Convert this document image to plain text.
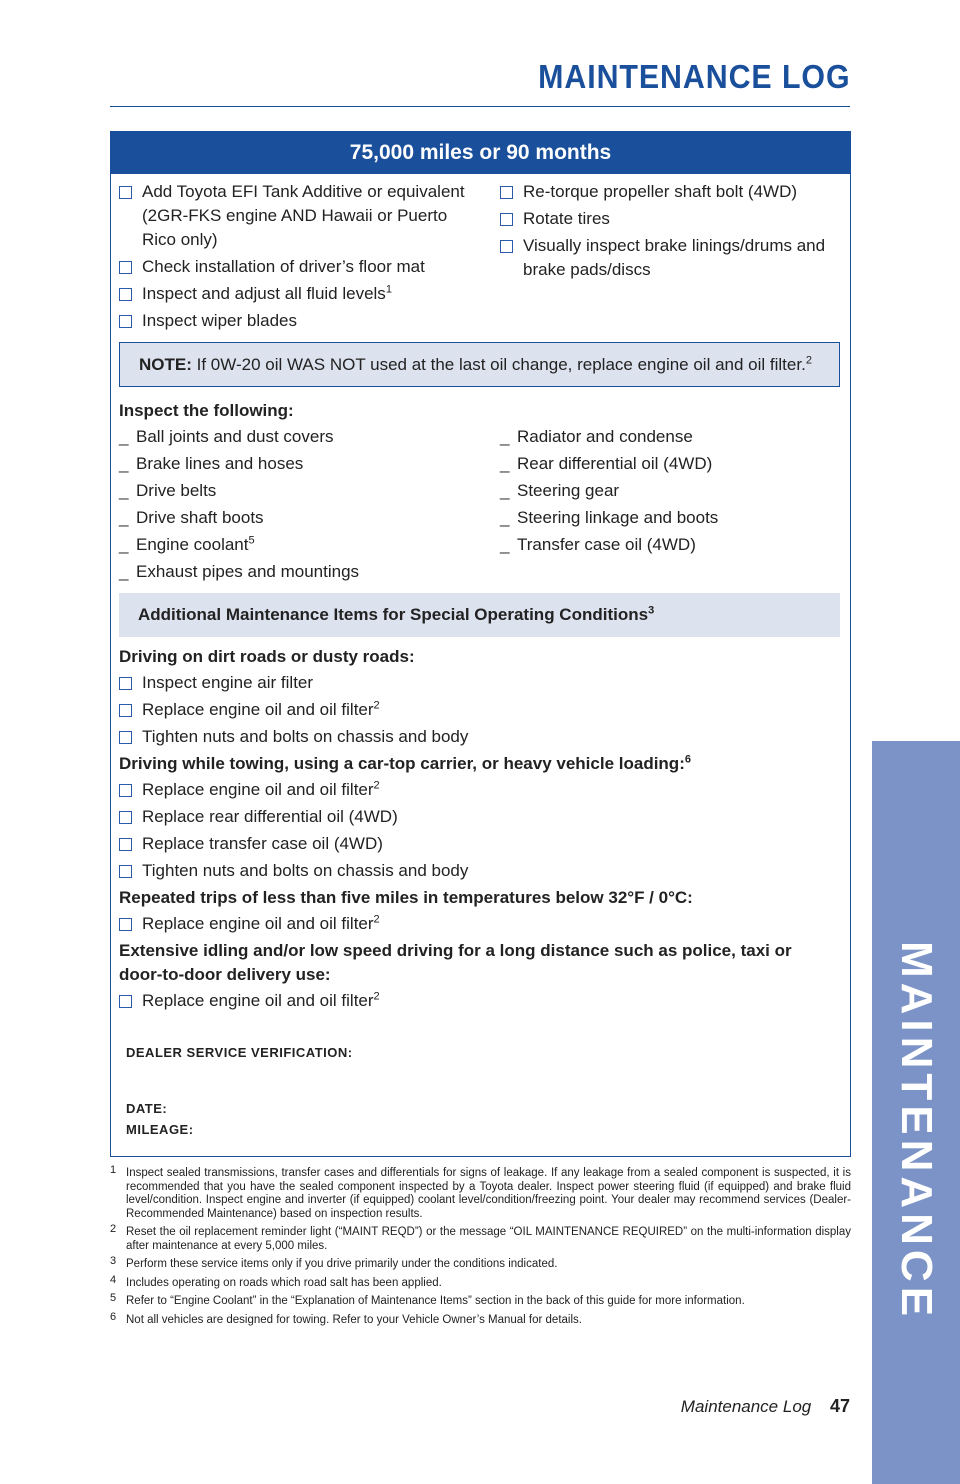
MAINTENANCE LOG
MAINTENANCE
75,000 miles or 90 months
Add Toyota EFI Tank Additive or equivalent (2GR-FKS engine AND Hawaii or Puerto Rico only)
Check installation of driver’s floor mat
Inspect and adjust all fluid levels$^1$
Inspect wiper blades
Re-torque propeller shaft bolt (4WD)
Rotate tires
Visually inspect brake linings/drums and brake pads/discs
NOTE: If 0W-20 oil WAS NOT used at the last oil change, replace engine oil and oil filter.$^2$
Inspect the following:
_ Ball joints and dust covers
_ Brake lines and hoses
_ Drive belts
_ Drive shaft boots
_ Engine coolant$^5$
_ Exhaust pipes and mountings
_ Radiator and condense
_ Rear differential oil (4WD)
_ Steering gear
_ Steering linkage and boots
_ Transfer case oil (4WD)
Additional Maintenance Items for Special Operating Conditions$^3$
Driving on dirt roads or dusty roads:
Inspect engine air filter
Replace engine oil and oil filter$^2$
Tighten nuts and bolts on chassis and body
Driving while towing, using a car-top carrier, or heavy vehicle loading:$^6$
Replace engine oil and oil filter$^2$
Replace rear differential oil (4WD)
Replace transfer case oil (4WD)
Tighten nuts and bolts on chassis and body
Repeated trips of less than five miles in temperatures below 32°F / 0°C:
Replace engine oil and oil filter$^2$
Extensive idling and/or low speed driving for a long distance such as police, taxi or door-to-door delivery use:
Replace engine oil and oil filter$^2$
DEALER SERVICE VERIFICATION:
DATE:
MILEAGE:
1 Inspect sealed transmissions, transfer cases and differentials for signs of leakage. If any leakage from a sealed component is suspected, it is recommended that you have the sealed component inspected by a Toyota dealer. Inspect power steering fluid (if equipped) and brake fluid level/condition. Inspect engine and inverter (if equipped) coolant level/condition/freezing point. Your dealer may recommend services (Dealer-Recommended Maintenance) based on inspection results.
2 Reset the oil replacement reminder light (“MAINT REQD”) or the message “OIL MAINTENANCE REQUIRED” on the multi-information display after maintenance at every 5,000 miles.
3 Perform these service items only if you drive primarily under the conditions indicated.
4 Includes operating on roads which road salt has been applied.
5 Refer to “Engine Coolant” in the “Explanation of Maintenance Items” section in the back of this guide for more information.
6 Not all vehicles are designed for towing. Refer to your Vehicle Owner’s Manual for details.
Maintenance Log 47
